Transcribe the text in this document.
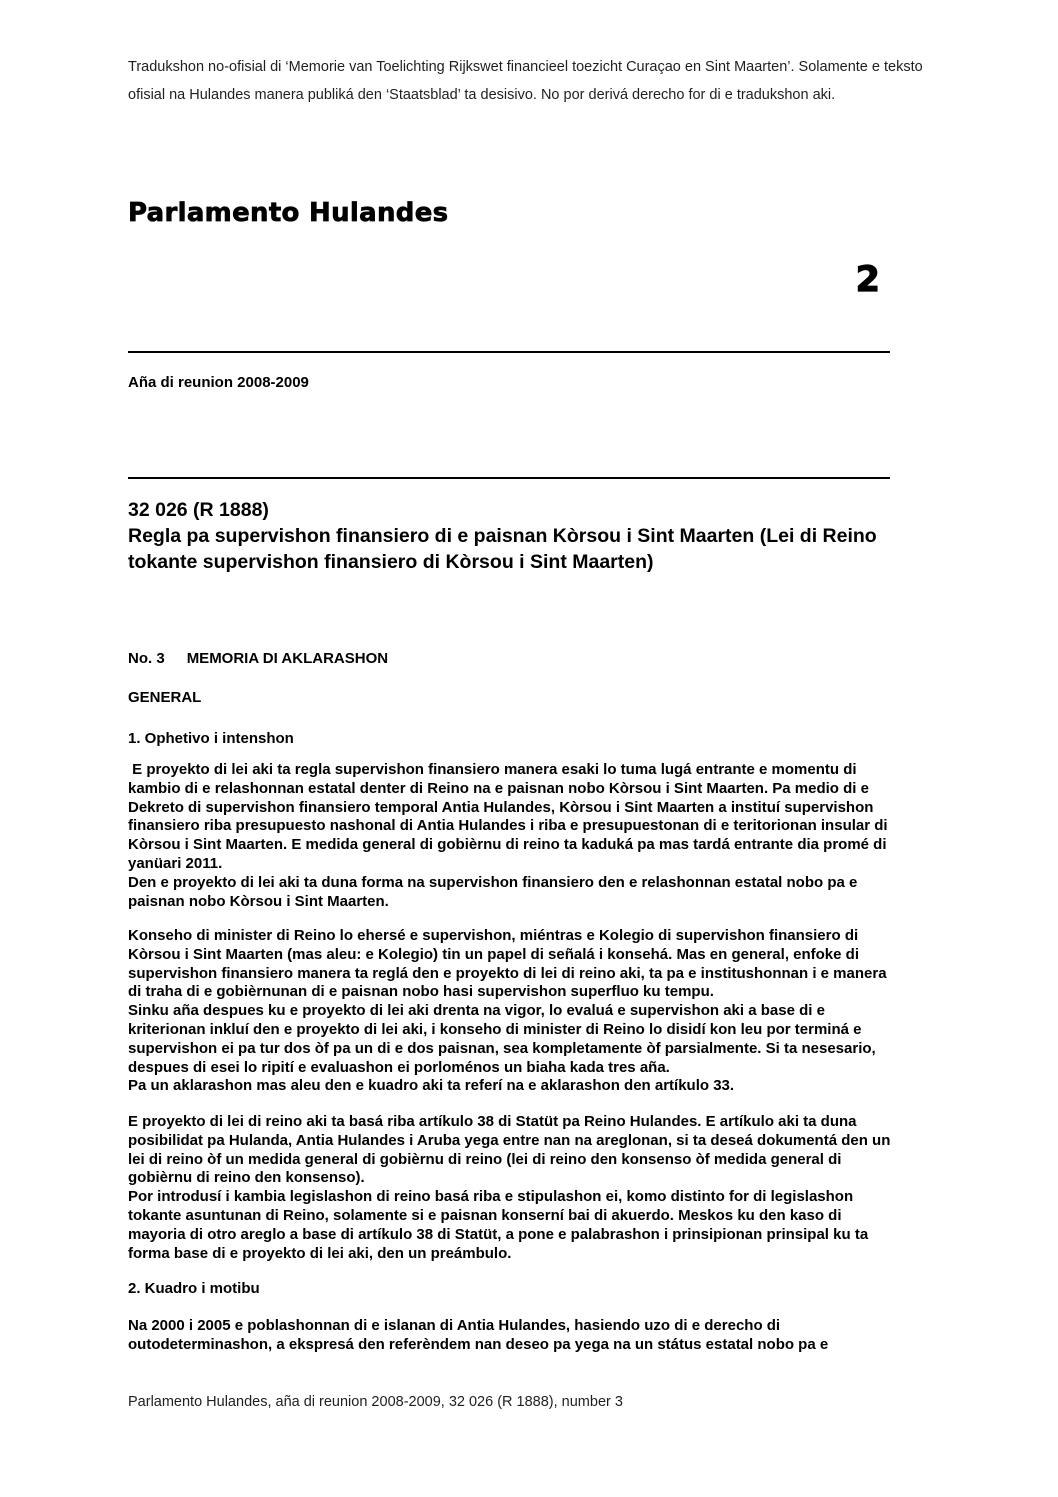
Tradukshon no-ofisial di ‘Memorie van Toelichting Rijkswet financieel toezicht Curaçao en Sint Maarten’. Solamente e teksto ofisial na Hulandes manera publiká den ‘Staatsblad’ ta desisivo. No por derivá derecho for di e tradukshon aki.

Parlamento Hulandes
2
Aña di reunion 2008-2009
32 026 (R 1888)
Regla pa supervishon finansiero di e paisnan Kòrsou i Sint Maarten (Lei di Reino tokante supervishon finansiero di Kòrsou i Sint Maarten)
No. 3 MEMORIA DI AKLARASHON
GENERAL
1. Ophetivo i intenshon

E proyekto di lei aki ta regla supervishon finansiero manera esaki lo tuma lugá entrante e momentu di kambio di e relashonnan estatal denter di Reino na e paisnan nobo Kòrsou i Sint Maarten. Pa medio di e Dekreto di supervishon finansiero temporal Antia Hulandes, Kòrsou i Sint Maarten a instituí supervishon finansiero riba presupuesto nashonal di Antia Hulandes i riba e presupuestonan di e teritorionan insular di Kòrsou i Sint Maarten. E medida general di gobièrnu di reino ta kaduká pa mas tardá entrante dia promé di yanüari 2011.

Den e proyekto di lei aki ta duna forma na supervishon finansiero den e relashonnan estatal nobo pa e paisnan nobo Kòrsou i Sint Maarten.

Konseho di minister di Reino lo ehersé e supervishon, miéntras e Kolegio di supervishon finansiero di Kòrsou i Sint Maarten (mas aleu: e Kolegio) tin un papel di señalá i konsehá. Mas en general, enfoke di supervishon finansiero manera ta reglá den e proyekto di lei di reino aki, ta pa e institushonnan i e manera di traha di e gobièrnunan di e paisnan nobo hasi supervishon superfluo ku tempu.

Sinku aña despues ku e proyekto di lei aki drenta na vigor, lo evaluá e supervishon aki a base di e kriterionan inkluí den e proyekto di lei aki, i konseho di minister di Reino lo disidí kon leu por terminá e supervishon ei pa tur dos òf pa un di e dos paisnan, sea kompletamente òf parsialmente. Si ta nesesario, despues di esei lo ripití e evaluashon ei porloménos un biaha kada tres aña.

Pa un aklarashon mas aleu den e kuadro aki ta referí na e aklarashon den artíkulo 33.

E proyekto di lei di reino aki ta basá riba artíkulo 38 di Statüt pa Reino Hulandes. E artíkulo aki ta duna posibilidat pa Hulanda, Antia Hulandes i Aruba yega entre nan na areglonan, si ta deseá dokumentá den un lei di reino òf un medida general di gobièrnu di reino (lei di reino den konsenso òf medida general di gobièrnu di reino den konsenso).

Por introdusí i kambia legislashon di reino basá riba e stipulashon ei, komo distinto for di legislashon tokante asuntunan di Reino, solamente si e paisnan konserní bai di akuerdo. Meskos ku den kaso di mayoria di otro areglo a base di artíkulo 38 di Statüt, a pone e palabrashon i prinsipionan prinsipal ku ta forma base di e proyekto di lei aki, den un preámbulo.

2. Kuadro i motibu

Na 2000 i 2005 e poblashonnan di e islanan di Antia Hulandes, hasiendo uzo di e derecho di outodeterminashon, a ekspresá den referèndem nan deseo pa yega na un státus estatal nobo pa e

Parlamento Hulandes, aña di reunion 2008-2009, 32 026 (R 1888), number 3
